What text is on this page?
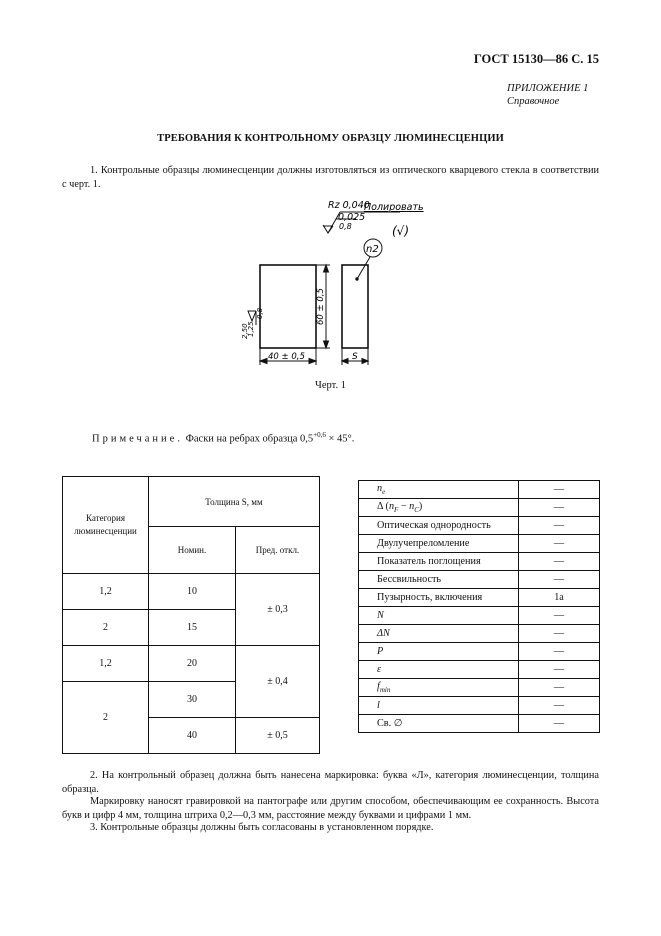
ГОСТ 15130—86 С. 15
ПРИЛОЖЕНИЕ 1
Справочное
ТРЕБОВАНИЯ К КОНТРОЛЬНОМУ ОБРАЗЦУ ЛЮМИНЕСЦЕНЦИИ
1. Контрольные образцы люминесценции должны изготовляться из оптического кварцевого стекла в соответствии с черт. 1.
Rz 0,040
Полировать
0,025
0,8	(√)
n2
60 ± 0,5
40 ± 0,5	S
2,50
1,25
0,8
Черт. 1
Примечание. Фаски на ребрах образца $0,5^{+0,6} \times 45^\circ$.
Категория люминесценции	Толщина S, мм	
	Номин.	Пред. откл.
1,2	10	± 0,3
2	15	
1,2	20	± 0,4
2	30	
	40	± 0,5
$n_e$	—
Δ $(n_F - n_C)$	—
Оптическая однородность	—
Двулучепреломление	—
Показатель поглощения	—
Бессвильность	—
Пузырность, включения	1а
N	—
ΔN	—
P	—
ε	—
$f_{min}$	—
l	—
Св. ∅	—
2. На контрольный образец должна быть нанесена маркировка: буква «Л», категория люминесценции, толщина образца.
Маркировку наносят гравировкой на пантографе или другим способом, обеспечивающим ее сохранность. Высота букв и цифр 4 мм, толщина штриха 0,2—0,3 мм, расстояние между буквами и цифрами 1 мм.
3. Контрольные образцы должны быть согласованы в установленном порядке.
